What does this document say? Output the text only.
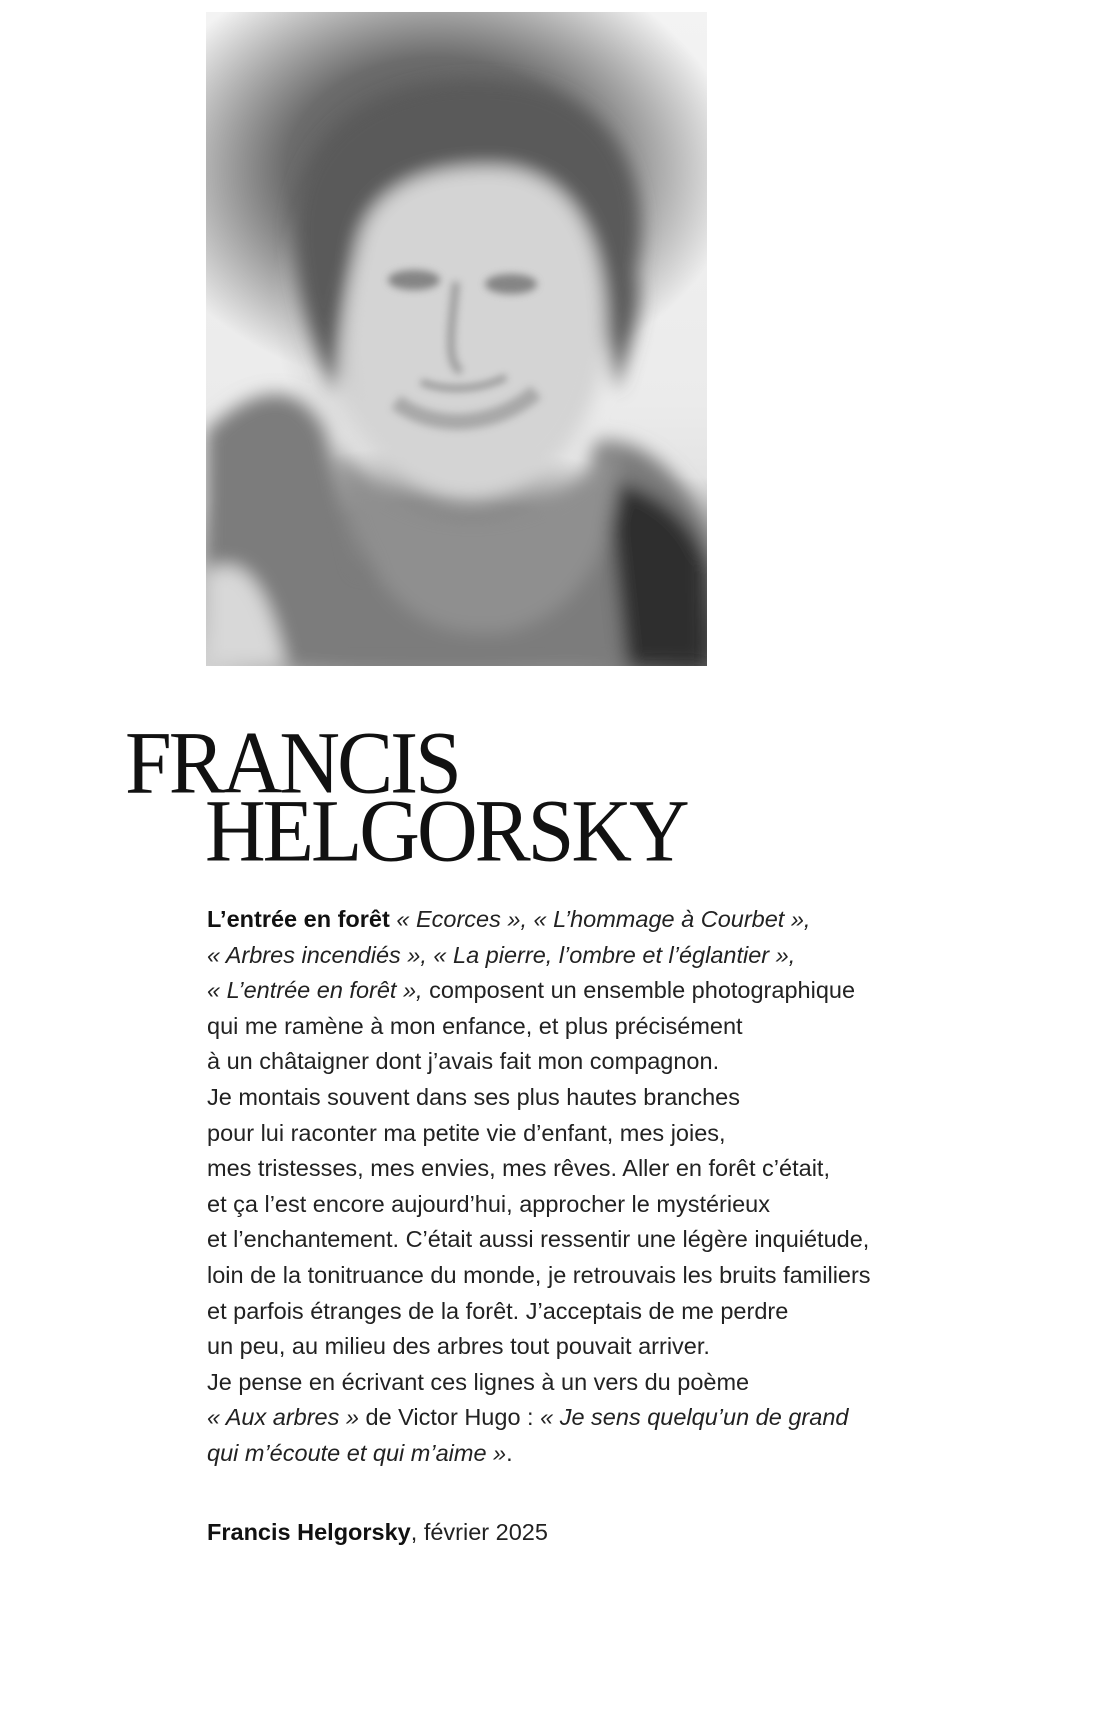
FRANCIS
HELGORSKY
L’entrée en forêt « Ecorces », « L’hommage à Courbet »,
« Arbres incendiés », « La pierre, l’ombre et l’églantier »,
« L’entrée en forêt », composent un ensemble photographique
qui me ramène à mon enfance, et plus précisément
à un châtaigner dont j’avais fait mon compagnon.
Je montais souvent dans ses plus hautes branches
pour lui raconter ma petite vie d’enfant, mes joies,
mes tristesses, mes envies, mes rêves. Aller en forêt c’était,
et ça l’est encore aujourd’hui, approcher le mystérieux
et l’enchantement. C’était aussi ressentir une légère inquiétude,
loin de la tonitruance du monde, je retrouvais les bruits familiers
et parfois étranges de la forêt. J’acceptais de me perdre
un peu, au milieu des arbres tout pouvait arriver.
Je pense en écrivant ces lignes à un vers du poème
« Aux arbres » de Victor Hugo : « Je sens quelqu’un de grand
qui m’écoute et qui m’aime ».
Francis Helgorsky, février 2025
